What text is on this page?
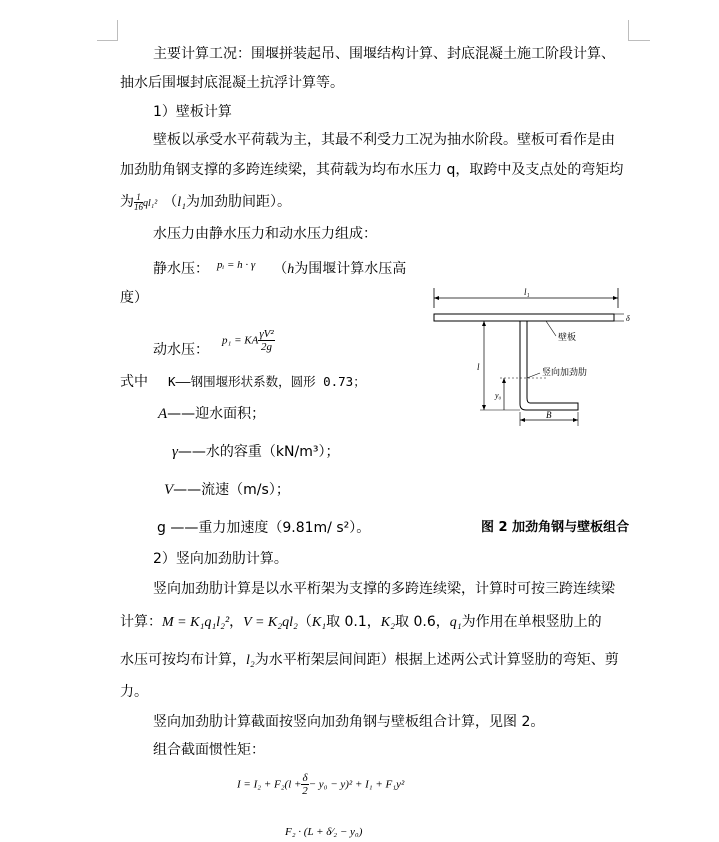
主要计算工况：围堰拼装起吊、围堰结构计算、封底混凝土施工阶段计算、
抽水后围堰封底混凝土抗浮计算等。
1）壁板计算
壁板以承受水平荷载为主，其最不利受力工况为抽水阶段。壁板可看作是由
加劲肋角钢支撑的多跨连续梁，其荷载为均布水压力 q，取跨中及支点处的弯矩均
为 $\frac{1}{16} ql_1^2$ （l₁为加劲肋间距）。
水压力由静水压力和动水压力组成：
静水压： $^{pᵢ = h \cdot \gamma}$ （h为围堰计算水压高
度）
动水压：
p₁ = KA $\frac{\text{γV²}}{2g}$
式中 K——钢围堰形状系数，圆形 0.73；
A——迎水面积；
γ——水的容重（kN/m³）；
V——流速（m/s）；
g ——重力加速度（9.81m/ s²）。
l₁
δ
l
y₀
B
壁板
竖向加劲肋
图 2 加劲角钢与壁板组合
2）竖向加劲肋计算。
竖向加劲肋计算是以水平桁架为支撑的多跨连续梁，计算时可按三跨连续梁
计算：M = K₁q₁l₂²，V = K₂ql₂（K₁取 0.1，K₂取 0.6，q₁为作用在单根竖肋上的
水压可按均布计算，l₂为水平桁架层间间距）根据上述两公式计算竖肋的弯矩、剪
力。
竖向加劲肋计算截面按竖向加劲角钢与壁板组合计算，见图 2。
组合截面惯性矩：
$I = I_2 + F_2(l + \frac{\delta}{2} - y_0 - y)^2 + I_1 + F_1y^2$
F₂ · (L + δ⁄₂ − y₀)
